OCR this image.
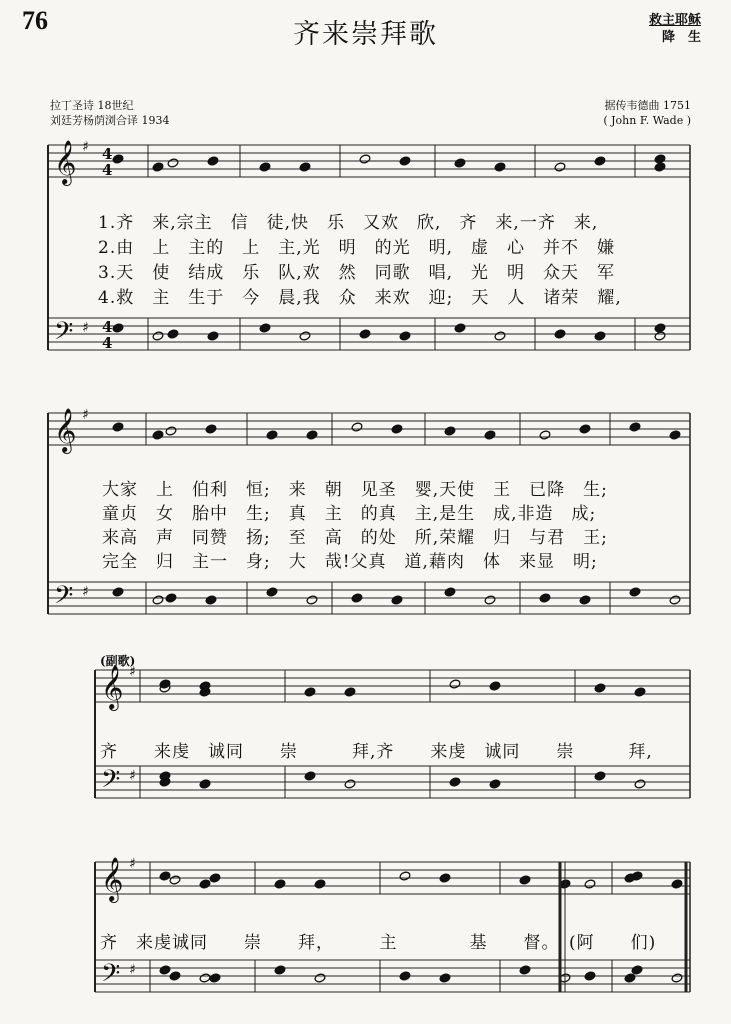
76	齐来崇拜歌	救主耶稣
降　生
拉丁圣诗 18世纪
刘廷芳杨荫浏合译 1934
据传韦德曲 1751
( John F. Wade )
𝄞
𝄢
♯
♯
𝄞
𝄢
♯
♯
𝄞
𝄢
♯
♯
𝄞
𝄢
♯
♯
4
4
4
4
1.齐　来,宗主　信　徒,快　乐　又欢　欣,　齐　来,一齐　来,
2.由　上　主的　上　主,光　明　的光　明,　虚　心　并不　嫌
3.天　使　结成　乐　队,欢　然　同歌　唱,　光　明　众天　军
4.救　主　生于　今　晨,我　众　来欢　迎;　天　人　诸荣　耀,
大家　上　伯利　恒;　来　朝　见圣　婴,天使　王　已降　生;
童贞　女　胎中　生;　真　主　的真　主,是生　成,非造　成;
来高　声　同赞　扬;　至　高　的处　所,荣耀　归　与君　王;
完全　归　主一　身;　大　哉!父真　道,藉肉　体　来显　明;
(副歌)
齐　　来虔　诚同　　崇　　　拜,齐　　来虔　诚同　　崇　　　拜,
齐　来虔诚同　　崇　　拜，　　　主　　　　基　　督。　(阿　　们)
